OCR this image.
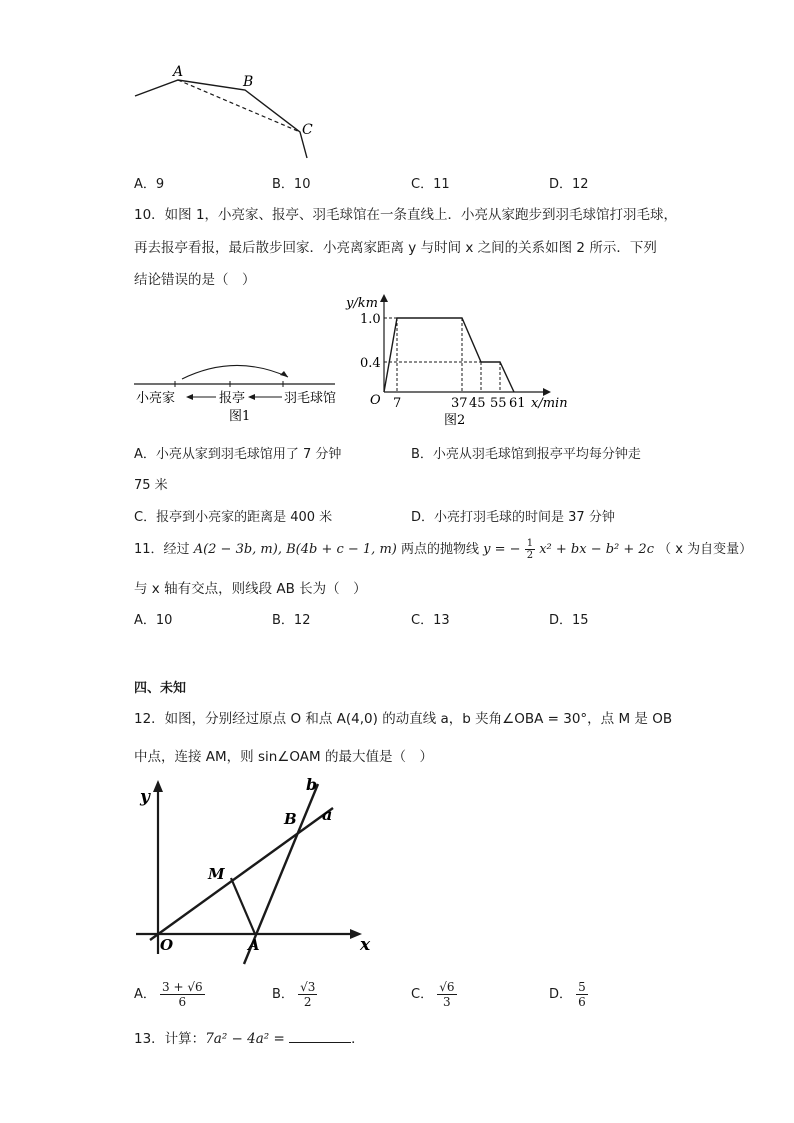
A
B
C
A．9	B．10	C．11	D．12
10．如图 1，小亮家、报亭、羽毛球馆在一条直线上．小亮从家跑步到羽毛球馆打羽毛球，
再去报亭看报，最后散步回家．小亮离家距离 y 与时间 x 之间的关系如图 2 所示．下列
结论错误的是（　）
小亮家	报亭	羽毛球馆
图1
y/km
x/min
O
1.0
0.4
7	37 45 55 61
图2
A．小亮从家到羽毛球馆用了 7 分钟	B．小亮从羽毛球馆到报亭平均每分钟走
75 米
C．报亭到小亮家的距离是 400 米	D．小亮打羽毛球的时间是 37 分钟
11．经过 A(2 − 3b, m), B(4b + c − 1, m) 两点的抛物线 y = − $\frac{1}{2} x^2$ + bx − b² + 2c （ x 为自变量）
与 x 轴有交点，则线段 AB 长为（　）
A．10	B．12	C．13	D．15
四、未知
12．如图，分别经过原点 O 和点 A(4,0) 的动直线 a，b 夹角∠OBA = 30°，点 M 是 OB
中点，连接 AM，则 sin∠OAM 的最大值是（　）
y
x
O	A
M
B
b
a
A． $\frac{3 + √6}{6}$	B． $\frac{√3}{2}$	C． $\frac{√6}{3}$	D． $\frac{5}{6}$
13．计算：7a² − 4a² =	．
